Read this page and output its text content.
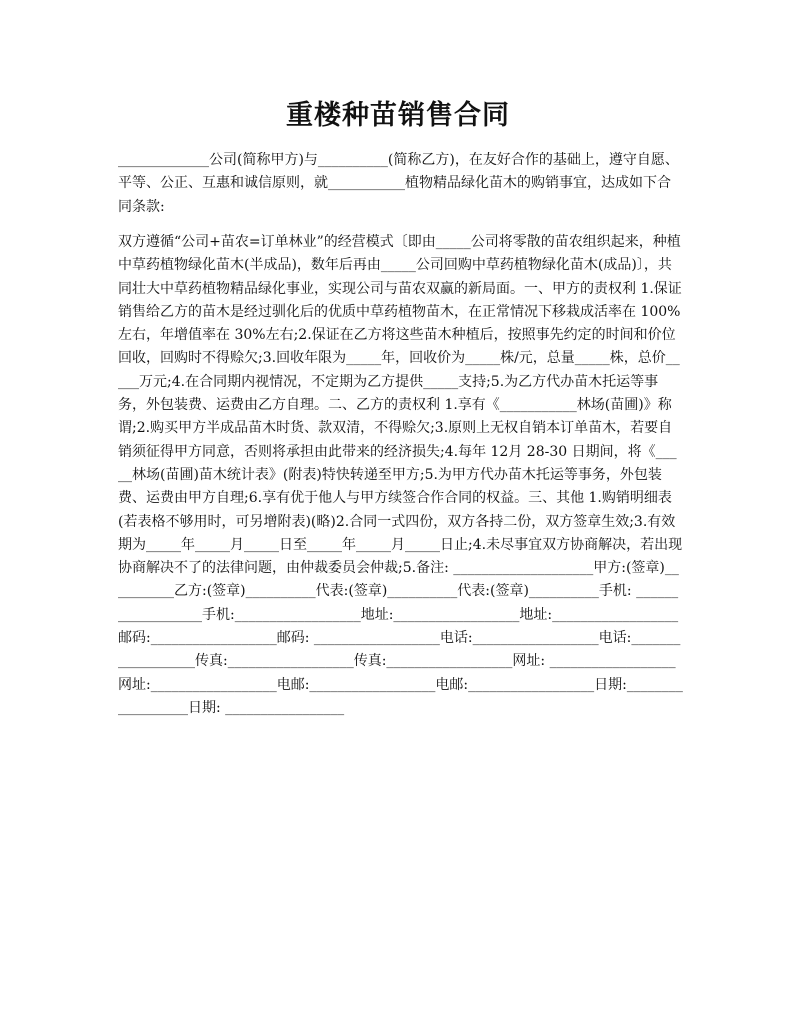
重楼种苗销售合同

_____________公司(简称甲方)与__________(简称乙方)，在友好合作的基础上，遵守自愿、平等、公正、互惠和诚信原则，就___________植物精品绿化苗木的购销事宜，达成如下合同条款:

双方遵循“公司+苗农=订单林业”的经营模式〔即由_____公司将零散的苗农组织起来，种植中草药植物绿化苗木(半成品)，数年后再由_____公司回购中草药植物绿化苗木(成品)〕，共同壮大中草药植物精品绿化事业，实现公司与苗农双赢的新局面。一、甲方的责权利 1.保证销售给乙方的苗木是经过驯化后的优质中草药植物苗木，在正常情况下移栽成活率在 100%左右，年增值率在 30%左右;2.保证在乙方将这些苗木种植后，按照事先约定的时间和价位回收，回购时不得赊欠;3.回收年限为_____年，回收价为_____株/元，总量_____株，总价_____万元;4.在合同期内视情况，不定期为乙方提供_____支持;5.为乙方代办苗木托运等事务，外包装费、运费由乙方自理。二、乙方的责权利 1.享有《___________林场(苗圃)》称谓;2.购买甲方半成品苗木时货、款双清，不得赊欠;3.原则上无权自销本订单苗木，若要自销须征得甲方同意，否则将承担由此带来的经济损失;4.每年 12月 28-30 日期间，将《_____林场(苗圃)苗木统计表》(附表)特快转递至甲方;5.为甲方代办苗木托运等事务，外包装费、运费由甲方自理;6.享有优于他人与甲方续签合作合同的权益。三、其他 1.购销明细表(若表格不够用时，可另增附表)(略)2.合同一式四份，双方各持二份，双方签章生效;3.有效期为_____年_____月_____日至_____年_____月_____日止;4.未尽事宜双方协商解决，若出现协商解决不了的法律问题，由仲裁委员会仲裁;5.备注: ____________________甲方:(签章)__________乙方:(签章)__________代表:(签章)__________代表:(签章)__________手机: __________________手机:__________________地址:__________________地址:__________________邮码:__________________邮码: __________________电话:__________________电话:__________________传真:__________________传真:__________________网址: __________________网址:__________________电邮:__________________电邮:__________________日期:__________________日期: _________________
